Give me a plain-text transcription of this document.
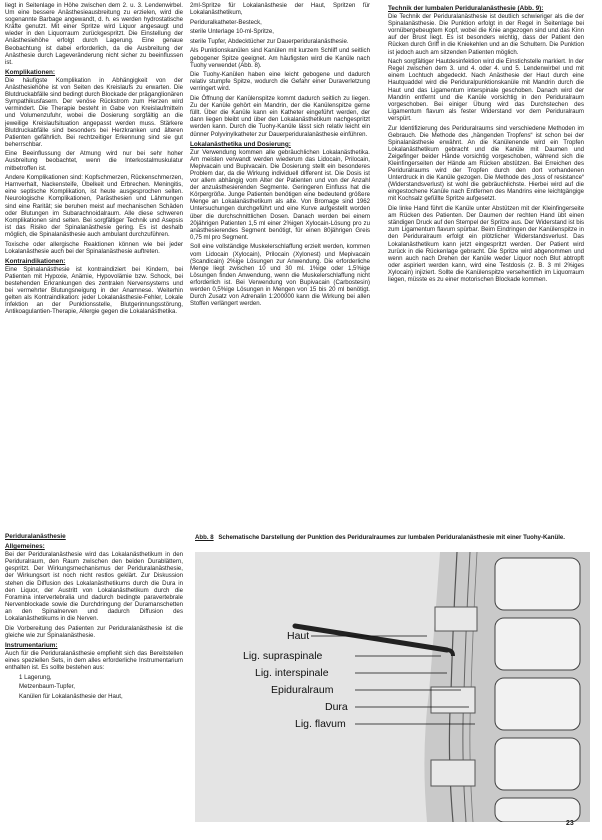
liegt in Seitenlage in Höhe zwischen dem 2. u. 3. Lendenwirbel. Um eine bessere Anästhesieausbreitung zu erzielen, wird die sogenannte Barbage angewandt, d. h. es werden hydrostatische Kräfte genutzt. Mit einer Spritze wird Liquor angesaugt und wieder in den Liquorraum zurückgespritzt. Die Einstellung der Anästhesiehöhe erfolgt durch Lagerung. Eine genaue Beobachtung ist dabei erforderlich, da die Ausbreitung der Anästhesie durch Lageveränderung nicht sicher zu beeinflussen ist.

Komplikationen:

Die häufigste Komplikation in Abhängigkeit von der Anästhesiehöhe ist von Seiten des Kreislaufs zu erwarten. Die Blutdruckabfälle sind bedingt durch Blockade der präganglionären Sympathikusfasern. Der venöse Rückstrom zum Herzen wird vermindert. Die Therapie besteht in Gabe von Kreislaufmitteln und Volumenzufuhr, wobei die Dosierung sorgfältig an die jeweilige Kreislaufsituation angepasst werden muss. Stärkere Blutdruckabfälle sind besonders bei Herzkranken und älteren Patienten gefährlich. Bei rechtzeitiger Erkennung sind sie gut beherrschbar.

Eine Beeinflussung der Atmung wird nur bei sehr hoher Ausbreitung beobachtet, wenn die Interkostalmuskulatur mitbetroffen ist.

Andere Komplikationen sind: Kopfschmerzen, Rückenschmerzen, Harnverhalt, Nackensteife, Übelkeit und Erbrechen. Meningitis, eine septische Komplikation, ist heute ausgesprochen selten. Neurologische Komplikationen, Parästhesien und Lähmungen sind eine Rarität; sie beruhen meist auf mechanischen Schäden oder Blutungen im Subarachnoidalraum. Alle diese schweren Komplikationen sind selten. Bei sorgfältiger Technik und Asepsis ist das Risiko der Spinalanästhesie gering. Es ist deshalb möglich, die Spinalanästhesie auch ambulant durchzuführen.

Toxische oder allergische Reaktionen können wie bei jeder Lokalanästhesie auch bei der Spinalanästhesie auftreten.

Kontraindikationen:

Eine Spinalanästhesie ist kontraindiziert bei Kindern, bei Patienten mit Hypoxie, Anämie, Hypovolämie bzw. Schock, bei bestehenden Erkrankungen des zentralen Nervensystems und bei vermehrter Blutungsneigung in der Anamnese. Weiterhin gelten als Kontraindikation: jeder Lokalanästhesie-Fehler, Lokale Infektion an der Punktionsstelle, Blutgerinnungsstörung, Antikoagulantien-Therapie, Allergie gegen die Lokalanästhetika.

Periduralanästhesie
Allgemeines:

Bei der Periduralanästhesie wird das Lokalanästhetikum in den Periduralraum, den Raum zwischen den beiden Durablättern, gespritzt. Der Wirkungsmechanismus der Periduralanästhesie, der Wirkungsort ist noch nicht restlos geklärt. Zur Diskussion stehen die Diffusion des Lokalanästhetikums durch die Dura in den Liquor, der Austritt von Lokalanästhetikum durch die Foramina intervertebralia und dadurch bedingte paravertebrale Nervenblockade sowie die Durchdringung der Duramanschetten an den Spinalnerven und dadurch Diffusion des Lokalanästhetikums in die Nerven.

Die Vorbereitung des Patienten zur Periduralanästhesie ist die gleiche wie zur Spinalanästhesie.

Instrumentarium:

Auch für die Periduralanästhesie empfiehlt sich das Bereitstellen eines speziellen Sets, in dem alles erforderliche Instrumentarium enthalten ist. Es sollte bestehen aus:

1 Lagerung,

Metzenbaum-Tupfer,

Kanülen für Lokalanästhesie der Haut,

2ml-Spritze für Lokalanästhesie der Haut, Spritzen für Lokalanästhetikum,

Periduralkatheter-Besteck,

sterile Unterlage 10-ml-Spritze,

sterile Tupfer, Abdecktücher zur Dauerperiduralanästhesie.

Als Punktionskanülen sind Kanülen mit kurzem Schliff und seitlich gebogener Spitze geeignet. Am häufigsten wird die Kanüle nach Tuohy verwendet (Abb. 8).

Die Tuohy-Kanülen haben eine leicht gebogene und dadurch relativ stumpfe Spitze, wodurch die Gefahr einer Duraverletzung verringert wird.

Die Öffnung der Kanülenspitze kommt dadurch seitlich zu liegen. Zu der Kanüle gehört ein Mandrin, der die Kanülenspitze gerne füllt. Über die Kanüle kann ein Katheter eingeführt werden, der dann liegen bleibt und über den Lokalanästhetikum nachgespritzt werden kann. Durch die Tuohy-Kanüle lässt sich relativ leicht ein dünner Polyvinylkatheter zur Dauerperiduralanästhesie einführen.

Lokalanästhetika und Dosierung:

Zur Verwendung kommen alle gebräuchlichen Lokalanästhetika. Am meisten verwandt werden wiederum das Lidocain, Prilocain, Mepivacain und Bupivacain. Die Dosierung stellt ein besonderes Problem dar, da die Wirkung individuell different ist. Die Dosis ist vor allem abhängig vom Alter der Patienten und von der Anzahl der anzuästhesierenden Segmente. Geringeren Einfluss hat die Körpergröße. Junge Patienten benötigen eine bedeutend größere Menge an Lokalanästhetikum als alte. Von Bromage sind 1962 Untersuchungen durchgeführt und eine Kurve aufgestellt worden über die durchschnittlichen Dosen. Danach werden bei einem 20jährigen Patienten 1,5 ml einer 2%igen Xylocain-Lösung pro zu anästhesierendes Segment benötigt, für einen 80jährigen Greis 0,75 ml pro Segment.

Soll eine vollständige Muskelerschlaffung erzielt werden, kommen vom Lidocain (Xylocain), Prilocain (Xylonest) und Mepivacain (Scandicain) 2%ige Lösungen zur Anwendung. Die erforderliche Menge liegt zwischen 10 und 30 ml. 1%ige oder 1,5%ige Lösungen finden Anwendung, wenn die Muskelerschlaffung nicht erforderlich ist. Bei Verwendung von Bupivacain (Carbostesin) werden 0,5%ige Lösungen in Mengen von 15 bis 20 ml benötigt. Durch Zusatz von Adrenalin 1:200000 kann die Wirkung bei allen Stoffen verlängert werden.

Technik der lumbalen Periduralanästhesie (Abb. 9):

Die Technik der Periduralanästhesie ist deutlich schwieriger als die der Spinalanästhesie. Die Punktion erfolgt in der Regel in Seitenlage bei vornübergebeugtem Kopf, wobei die Knie angezogen sind und das Kinn auf der Brust liegt. Es ist besonders wichtig, dass der Patient den Rücken durch Griff in die Kniekehlen und an die Schultern. Die Punktion ist jedoch auch am sitzenden Patienten möglich.

Nach sorgfältiger Hautdesinfektion wird die Einstichstelle markiert. In der Regel zwischen dem 3. und 4. oder 4. und 5. Lendenwirbel und mit einem Lochtuch abgedeckt. Nach Anästhesie der Haut durch eine Hautquaddel wird die Periduralpunktionskanüle mit Mandrin durch die Haut und das Ligamentum interspinale geschoben. Danach wird der Mandrin entfernt und die Kanüle vorsichtig in den Periduralraum vorgeschoben. Bei einiger Übung wird das Durchstechen des Ligamentum flavum als fester Widerstand vor dem Periduralraum verspürt.

Zur Identifizierung des Periduralraums sind verschiedene Methoden im Gebrauch. Die Methode des „hängenden Tropfens“ ist schon bei der Spinalanästhesie erwähnt. An die Kanülenende wird ein Tropfen Lokalanästhetikum gebracht und die Kanüle mit Daumen und Zeigefinger beider Hände vorsichtig vorgeschoben, während sich die Kleinfingerseiten der Hände am Rücken abstützen. Bei Erreichen des Periduralraums wird der Tropfen durch den dort vorhandenen Unterdruck in die Kanüle gezogen. Die Methode des „loss of resistance“ (Widerstandsverlust) ist wohl die gebräuchlichste. Hierbei wird auf die eingestochene Kanüle nach Entfernen des Mandrins eine leichtgängige mit Kochsalz gefüllte Spritze aufgesetzt.

Die linke Hand führt die Kanüle unter Abstützen mit der Kleinfingerseite am Rücken des Patienten. Der Daumen der rechten Hand übt einen ständigen Druck auf den Stempel der Spritze aus. Der Widerstand ist bis zum Ligamentum flavum spürbar. Beim Eindringen der Kanülenspitze in den Periduralraum erfolgt ein plötzlicher Widerstandsverlust. Das Lokalanästhetikum kann jetzt eingespritzt werden. Der Patient wird zurück in die Rückenlage gebracht. Die Spritze wird abgenommen und wenn auch nach Drehen der Kanüle weder Liquor noch Blut abtropft oder aspiriert werden kann, wird eine Testdosis (z. B. 3 ml 2%iges Xylocain) injiziert. Sollte die Kanülenspitze versehentlich im Liquorraum liegen, müsste es zu einer motorischen Blockade kommen.

Abb. 8 Schematische Darstellung der Punktion des Periduralraumes zur lumbalen Periduralanästhesie mit einer Tuohy-Kanüle.
Haut
Lig. supraspinale
Lig. interspinale
Epiduralraum
Dura
Lig. flavum
23
